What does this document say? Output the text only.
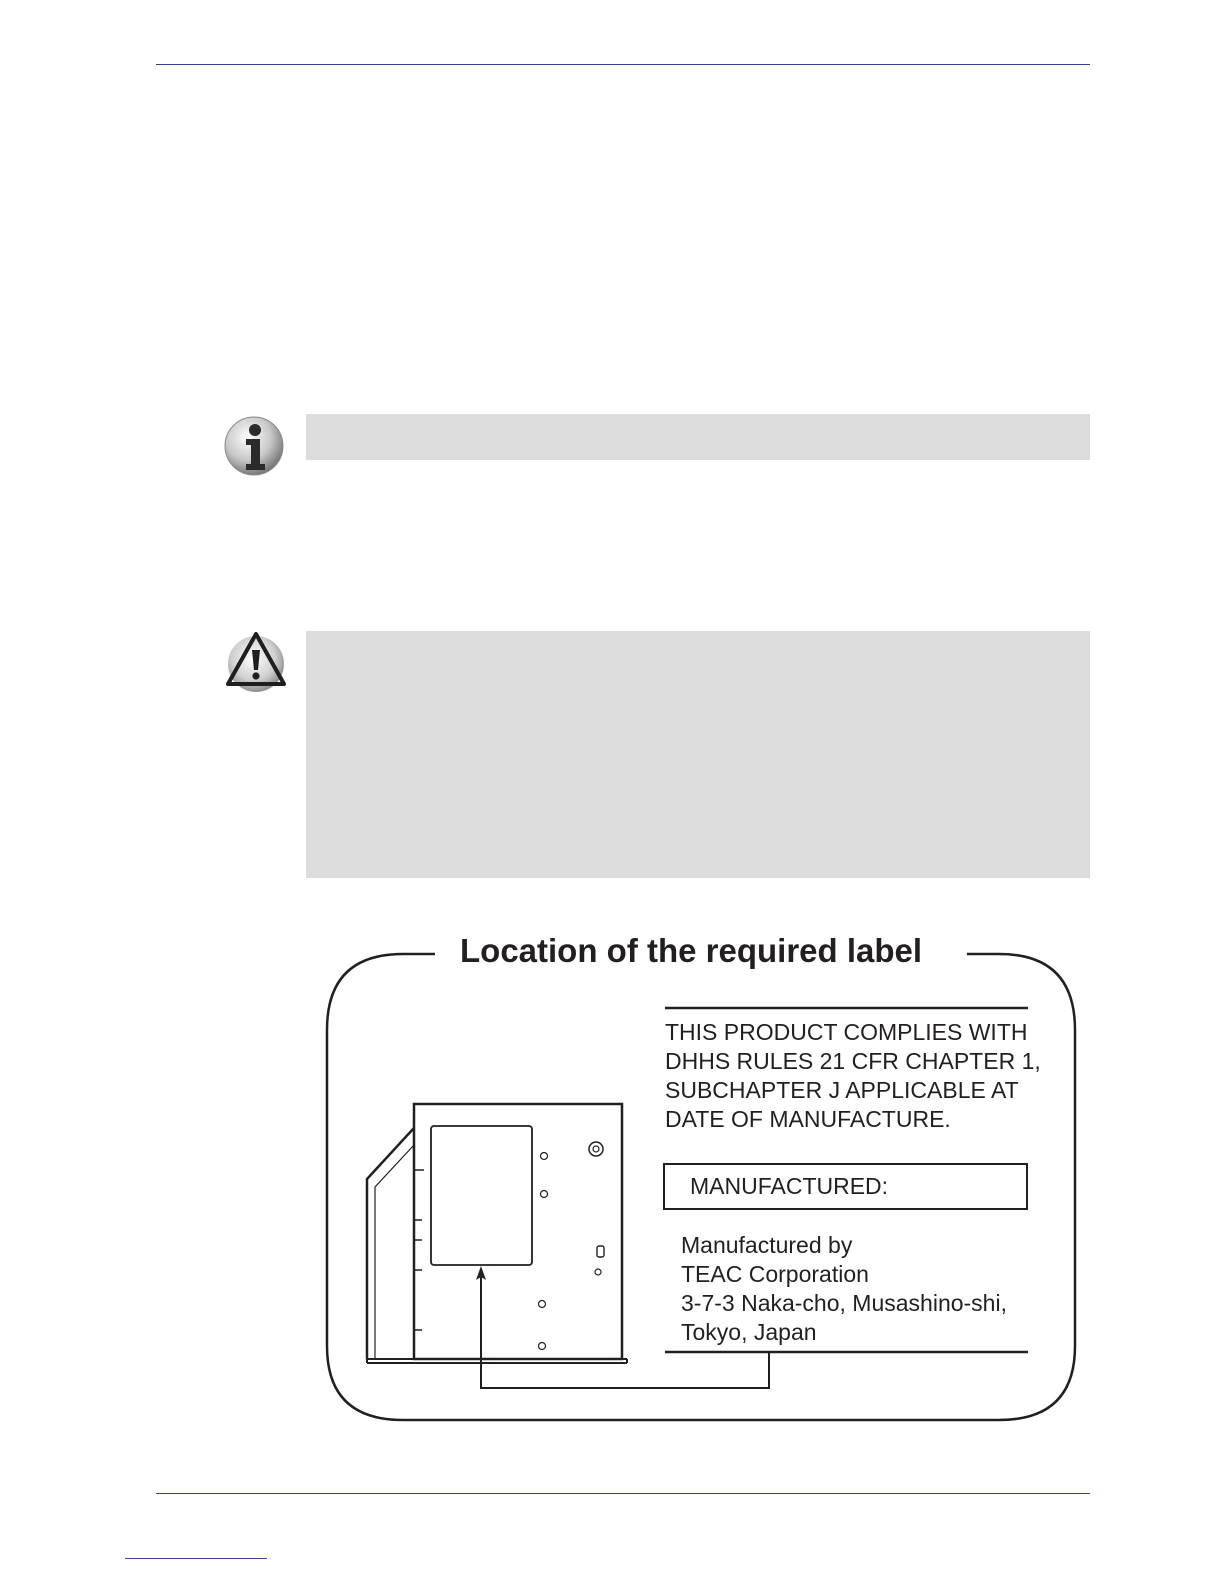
Location of the required label
THIS PRODUCT COMPLIES WITH
DHHS RULES 21 CFR CHAPTER 1,
SUBCHAPTER J APPLICABLE AT
DATE OF MANUFACTURE.
MANUFACTURED:
Manufactured by
TEAC Corporation
3-7-3 Naka-cho, Musashino-shi,
Tokyo, Japan
